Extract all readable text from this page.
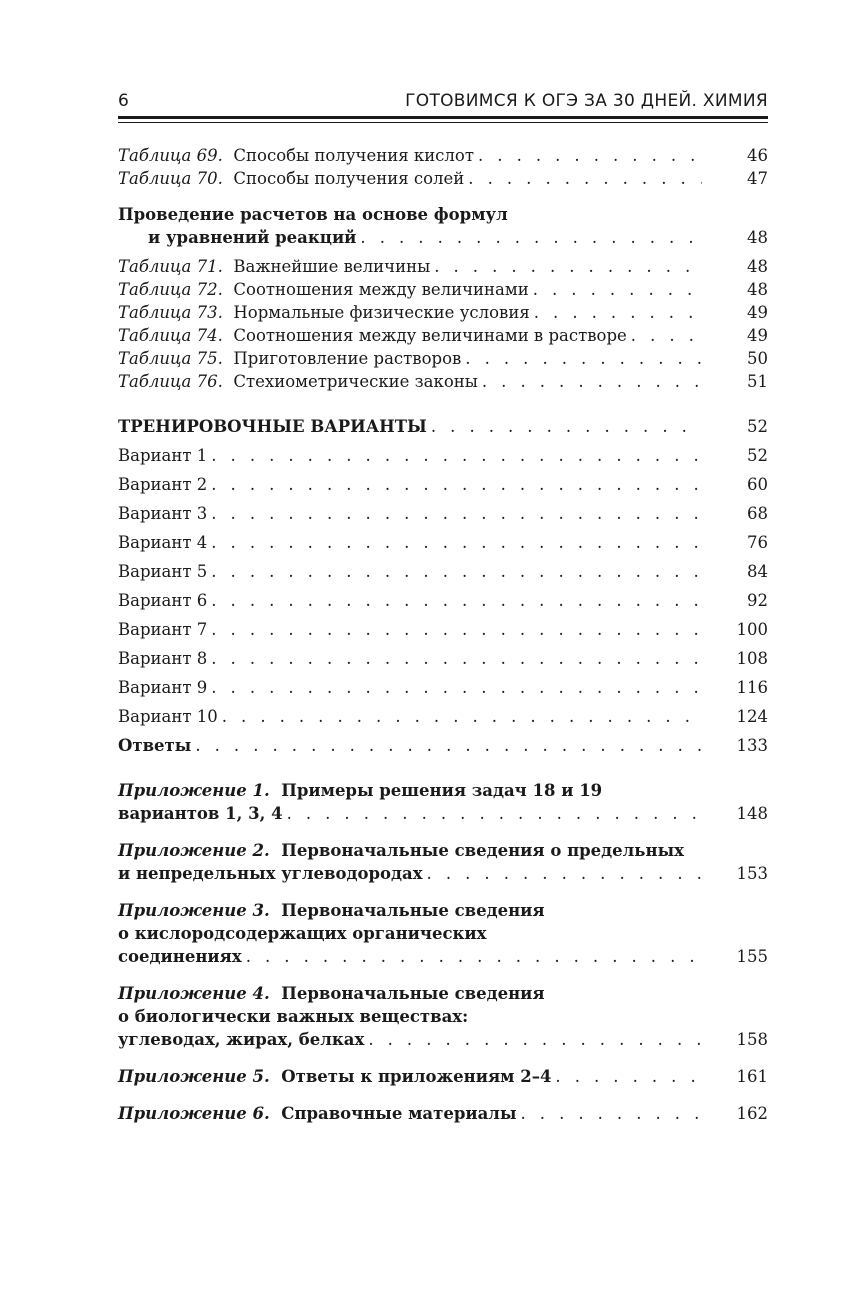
6	ГОТОВИМСЯ К ОГЭ ЗА 30 ДНЕЙ. ХИМИЯ
Таблица 69. Способы получения кислот . . .	46
Таблица 70. Способы получения солей . . .	47
Проведение расчетов на основе формул
и уравнений реакций . . .	48
Таблица 71. Важнейшие величины . . .	48
Таблица 72. Соотношения между величинами . . .	48
Таблица 73. Нормальные физические условия . . .	49
Таблица 74. Соотношения между величинами в растворе . . .	49
Таблица 75. Приготовление растворов . . .	50
Таблица 76. Стехиометрические законы . . .	51
ТРЕНИРОВОЧНЫЕ ВАРИАНТЫ . . .	52
Вариант 1 . . .	52
Вариант 2 . . .	60
Вариант 3 . . .	68
Вариант 4 . . .	76
Вариант 5 . . .	84
Вариант 6 . . .	92
Вариант 7 . . .	100
Вариант 8 . . .	108
Вариант 9 . . .	116
Вариант 10 . . .	124
Ответы . . .	133
Приложение 1. Примеры решения задач 18 и 19
вариантов 1, 3, 4 . . .	148
Приложение 2. Первоначальные сведения о предельных
и непредельных углеводородах . . .	153
Приложение 3. Первоначальные сведения
о кислородсодержащих органических
соединениях . . .	155
Приложение 4. Первоначальные сведения
о биологически важных веществах:
углеводах, жирах, белках . . .	158
Приложение 5. Ответы к приложениям 2–4 . . .	161
Приложение 6. Справочные материалы . . .	162
